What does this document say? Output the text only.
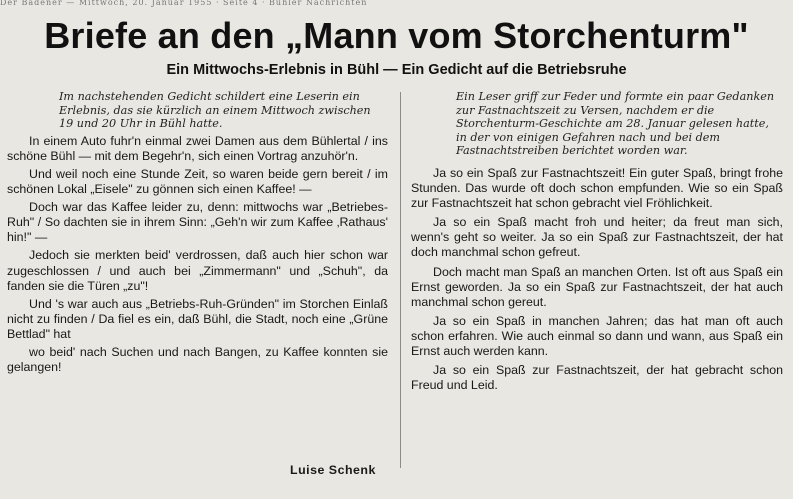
Der Badener — Mittwoch, 20. Januar 1955 · Seite 4 · Bühler Nachrichten
Briefe an den „Mann vom Storchenturm"
Ein Mittwochs-Erlebnis in Bühl — Ein Gedicht auf die Betriebsruhe

Im nachstehenden Gedicht schildert eine Leserin ein Erlebnis, das sie kürzlich an einem Mittwoch zwischen 19 und 20 Uhr in Bühl hatte.

In einem Auto fuhr'n einmal zwei Damen aus dem Bühlertal / ins schöne Bühl — mit dem Begehr'n, sich einen Vortrag anzuhör'n.

Und weil noch eine Stunde Zeit, so waren beide gern bereit / im schönen Lokal „Eisele" zu gönnen sich einen Kaffee! —

Doch war das Kaffee leider zu, denn: mittwochs war „Betriebes-Ruh" / So dachten sie in ihrem Sinn: „Geh'n wir zum Kaffee ‚Rathaus' hin!" —

Jedoch sie merkten beid' verdrossen, daß auch hier schon war zugeschlossen / und auch bei „Zimmermann" und „Schuh", da fanden sie die Türen „zu"!

Und 's war auch aus „Betriebs-Ruh-Gründen" im Storchen Einlaß nicht zu finden / Da fiel es ein, daß Bühl, die Stadt, noch eine „Grüne Bettlad" hat

wo beid' nach Suchen und nach Bangen, zu Kaffee konnten sie gelangen!

Ein Leser griff zur Feder und formte ein paar Gedanken zur Fastnachtszeit zu Versen, nachdem er die Storchenturm-Geschichte am 28. Januar gelesen hatte, in der von einigen Gefahren nach und bei dem Fastnachtstreiben berichtet worden war.

Ja so ein Spaß zur Fastnachtszeit! Ein guter Spaß, bringt frohe Stunden. Das wurde oft doch schon empfunden. Wie so ein Spaß zur Fastnachtszeit hat schon gebracht viel Fröhlichkeit.

Ja so ein Spaß macht froh und heiter; da freut man sich, wenn's geht so weiter. Ja so ein Spaß zur Fastnachtszeit, der hat doch manchmal schon gefreut.

Doch macht man Spaß an manchen Orten. Ist oft aus Spaß ein Ernst geworden. Ja so ein Spaß zur Fastnachtszeit, der hat auch manchmal schon gereut.

Ja so ein Spaß in manchen Jahren; das hat man oft auch schon erfahren. Wie auch einmal so dann und wann, aus Spaß ein Ernst auch werden kann.

Ja so ein Spaß zur Fastnachtszeit, der hat gebracht schon Freud und Leid.

Luise Schenk
